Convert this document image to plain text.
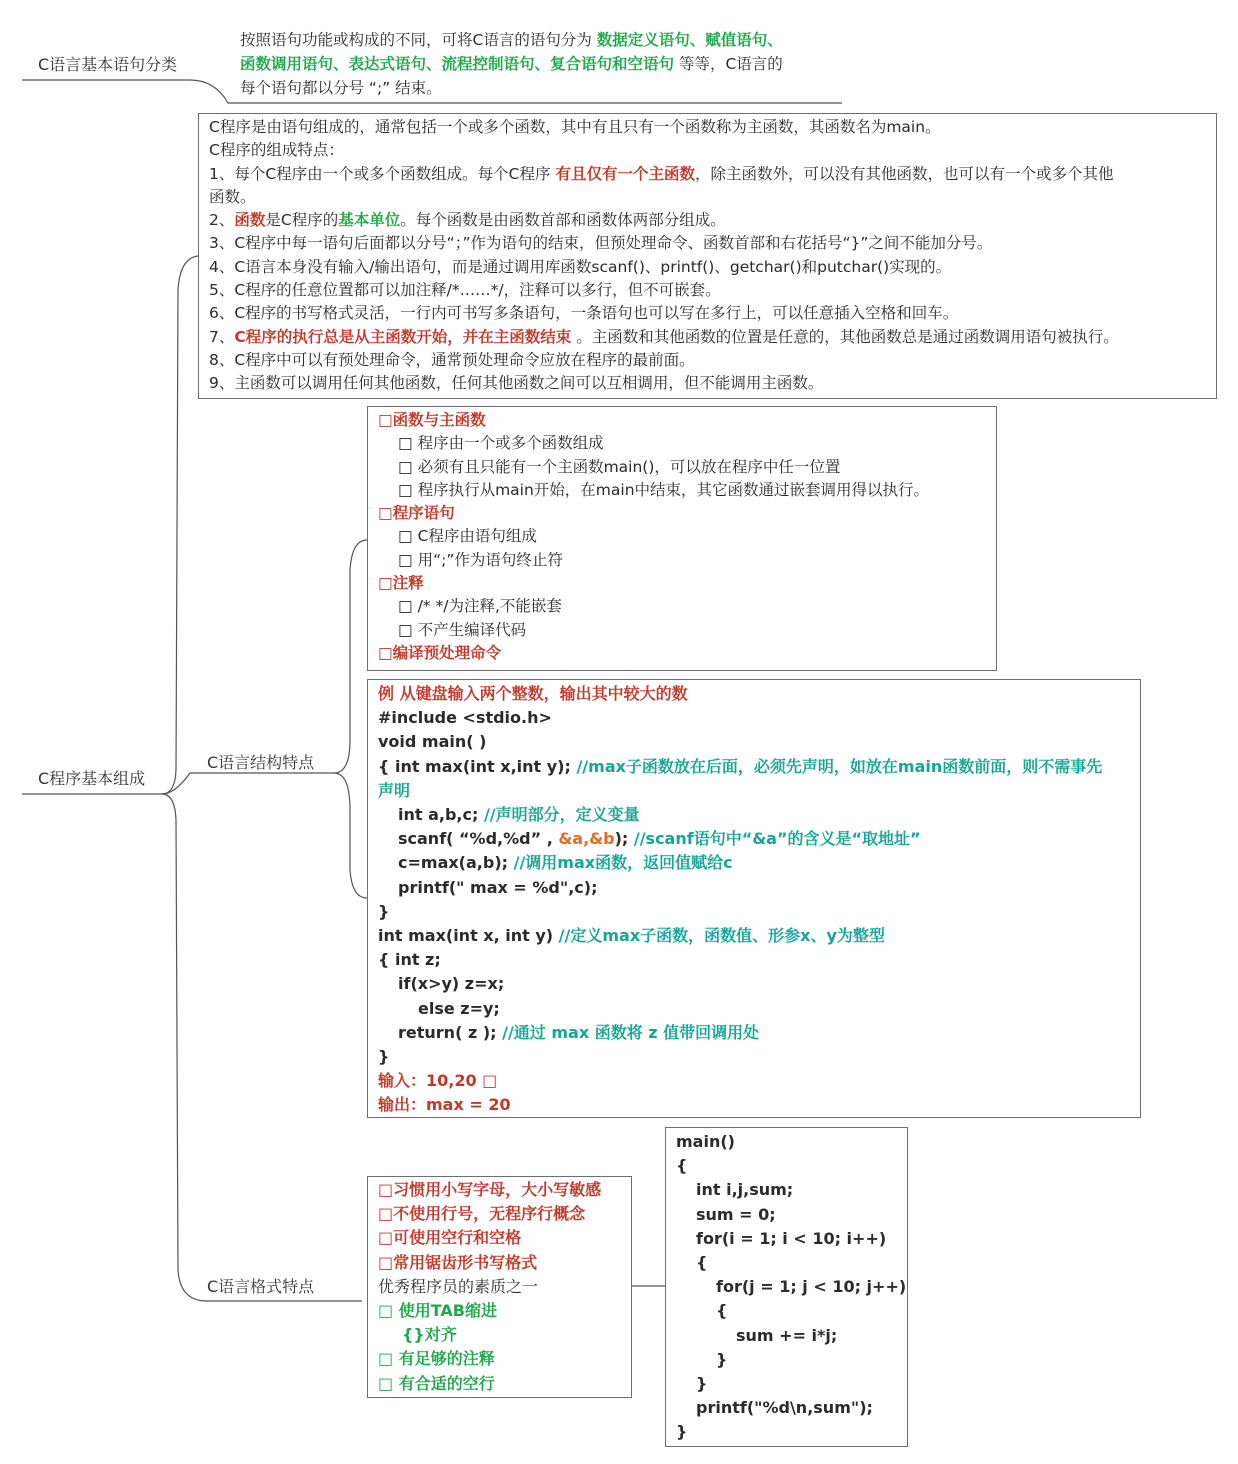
C语言基本语句分类
按照语句功能或构成的不同，可将C语言的语句分为 数据定义语句、赋值语句、
函数调用语句、表达式语句、流程控制语句、复合语句和空语句 等等，C语言的
每个语句都以分号 “;” 结束。
C程序基本组成
C程序是由语句组成的，通常包括一个或多个函数，其中有且只有一个函数称为主函数，其函数名为main。
C程序的组成特点：
1、每个C程序由一个或多个函数组成。每个C程序 有且仅有一个主函数，除主函数外，可以没有其他函数，也可以有一个或多个其他
函数。
2、函数是C程序的基本单位。每个函数是由函数首部和函数体两部分组成。
3、C程序中每一语句后面都以分号“；”作为语句的结束，但预处理命令、函数首部和右花括号“}”之间不能加分号。
4、C语言本身没有输入/输出语句，而是通过调用库函数scanf()、printf()、getchar()和putchar()实现的。
5、C程序的任意位置都可以加注释/*……*/，注释可以多行，但不可嵌套。
6、C程序的书写格式灵活，一行内可书写多条语句，一条语句也可以写在多行上，可以任意插入空格和回车。
7、C程序的执行总是从主函数开始，并在主函数结束 。主函数和其他函数的位置是任意的，其他函数总是通过函数调用语句被执行。
8、C程序中可以有预处理命令，通常预处理命令应放在程序的最前面。
9、主函数可以调用任何其他函数，任何其他函数之间可以互相调用，但不能调用主函数。
C语言结构特点
□函数与主函数
□ 程序由一个或多个函数组成
□ 必须有且只能有一个主函数main()，可以放在程序中任一位置
□ 程序执行从main开始，在main中结束，其它函数通过嵌套调用得以执行。
□程序语句
□ C程序由语句组成
□ 用“;”作为语句终止符
□注释
□ /* */为注释,不能嵌套
□ 不产生编译代码
□编译预处理命令
例 从键盘输入两个整数，输出其中较大的数
#include <stdio.h>
void main( )
{ int max(int x,int y); //max子函数放在后面，必须先声明，如放在main函数前面，则不需事先
声明
int a,b,c; //声明部分，定义变量
scanf( “%d,%d” , &a,&b); //scanf语句中“&a”的含义是“取地址”
c=max(a,b); //调用max函数，返回值赋给c
printf(" max = %d",c);
}
int max(int x, int y) //定义max子函数，函数值、形参x、y为整型
{ int z;
if(x>y) z=x;
else z=y;
return( z ); //通过 max 函数将 z 值带回调用处
}
输入：10,20 □
输出：max = 20
C语言格式特点
□习惯用小写字母，大小写敏感
□不使用行号，无程序行概念
□可使用空行和空格
□常用锯齿形书写格式
优秀程序员的素质之一
□ 使用TAB缩进
{}对齐
□ 有足够的注释
□ 有合适的空行
main()
{
int i,j,sum;
sum = 0;
for(i = 1; i < 10; i++)
{
for(j = 1; j < 10; j++)
{
sum += i*j;
}
}
printf("%d\n,sum");
}
